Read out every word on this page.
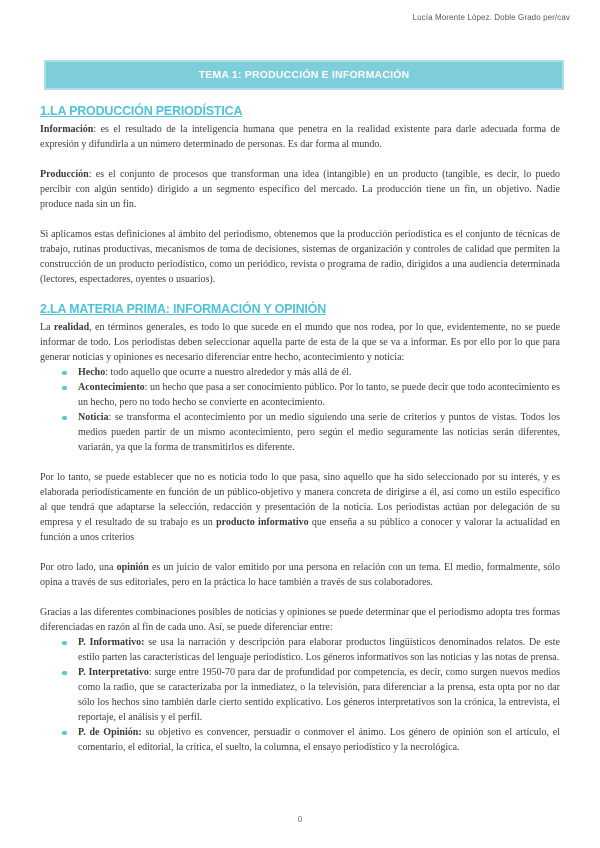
Lucía Morente López. Doble Grado per/cav
TEMA 1: PRODUCCIÓN E INFORMACIÓN
1.LA PRODUCCIÓN PERIODÍSTICA

Información: es el resultado de la inteligencia humana que penetra en la realidad existente para darle adecuada forma de expresión y difundirla a un número determinado de personas. Es dar forma al mundo.

Producción: es el conjunto de procesos que transforman una idea (intangible) en un producto (tangible, es decir, lo puedo percibir con algún sentido) dirigido a un segmento específico del mercado. La producción tiene un fin, un objetivo. Nadie produce nada sin un fin.

Si aplicamos estas definiciones al ámbito del periodismo, obtenemos que la producción periodística es el conjunto de técnicas de trabajo, rutinas productivas, mecanismos de toma de decisiones, sistemas de organización y controles de calidad que permiten la construcción de un producto periodístico, como un periódico, revista o programa de radio, dirigidos a una audiencia determinada (lectores, espectadores, oyentes o usuarios).

2.LA MATERIA PRIMA: INFORMACIÓN Y OPINIÓN

La realidad, en términos generales, es todo lo que sucede en el mundo que nos rodea, por lo que, evidentemente, no se puede informar de todo. Los periodistas deben seleccionar aquella parte de esta de la que se va a informar. Es por ello por lo que para generar noticias y opiniones es necesario diferenciar entre hecho, acontecimiento y noticia:

Hecho: todo aquello que ocurre a nuestro alrededor y más allá de él.
Acontecimiento: un hecho que pasa a ser conocimiento público. Por lo tanto, se puede decir que todo acontecimiento es un hecho, pero no todo hecho se convierte en acontecimiento.
Noticia: se transforma el acontecimiento por un medio siguiendo una serie de criterios y puntos de vistas. Todos los medios pueden partir de un mismo acontecimiento, pero según el medio seguramente las noticias serán diferentes, variarán, ya que la forma de transmitirlos es diferente.

Por lo tanto, se puede establecer que no es noticia todo lo que pasa, sino aquello que ha sido seleccionado por su interés, y es elaborada periodísticamente en función de un público-objetivo y manera concreta de dirigirse a él, así como un estilo específico al que tendrá que adaptarse la selección, redacción y presentación de la noticia. Los periodistas actúan por delegación de su empresa y el resultado de su trabajo es un producto informativo que enseña a su público a conocer y valorar la actualidad en función a unos criterios

Por otro lado, una opinión es un juicio de valor emitido por una persona en relación con un tema. El medio, formalmente, sólo opina a través de sus editoriales, pero en la práctica lo hace también a través de sus colaboradores.

Gracias a las diferentes combinaciones posibles de noticias y opiniones se puede determinar que el periodismo adopta tres formas diferenciadas en razón al fin de cada uno. Así, se puede diferenciar entre:

P. Informativo: se usa la narración y descripción para elaborar productos lingüísticos denominados relatos. De este estilo parten las características del lenguaje periodístico. Los géneros informativos son las noticias y las notas de prensa.
P. Interpretativo: surge entre 1950-70 para dar de profundidad por competencia, es decir, como surgen nuevos medios como la radio, que se caracterizaba por la inmediatez, o la televisión, para diferenciar a la prensa, esta opta por no dar sólo los hechos sino también darle cierto sentido explicativo. Los géneros interpretativos son la crónica, la entrevista, el reportaje, el análisis y el perfil.
P. de Opinión: su objetivo es convencer, persuadir o conmover el ánimo. Los género de opinión son el artículo, el comentario, el editorial, la crítica, el suelto, la columna, el ensayo periodístico y la necrológica.
0
